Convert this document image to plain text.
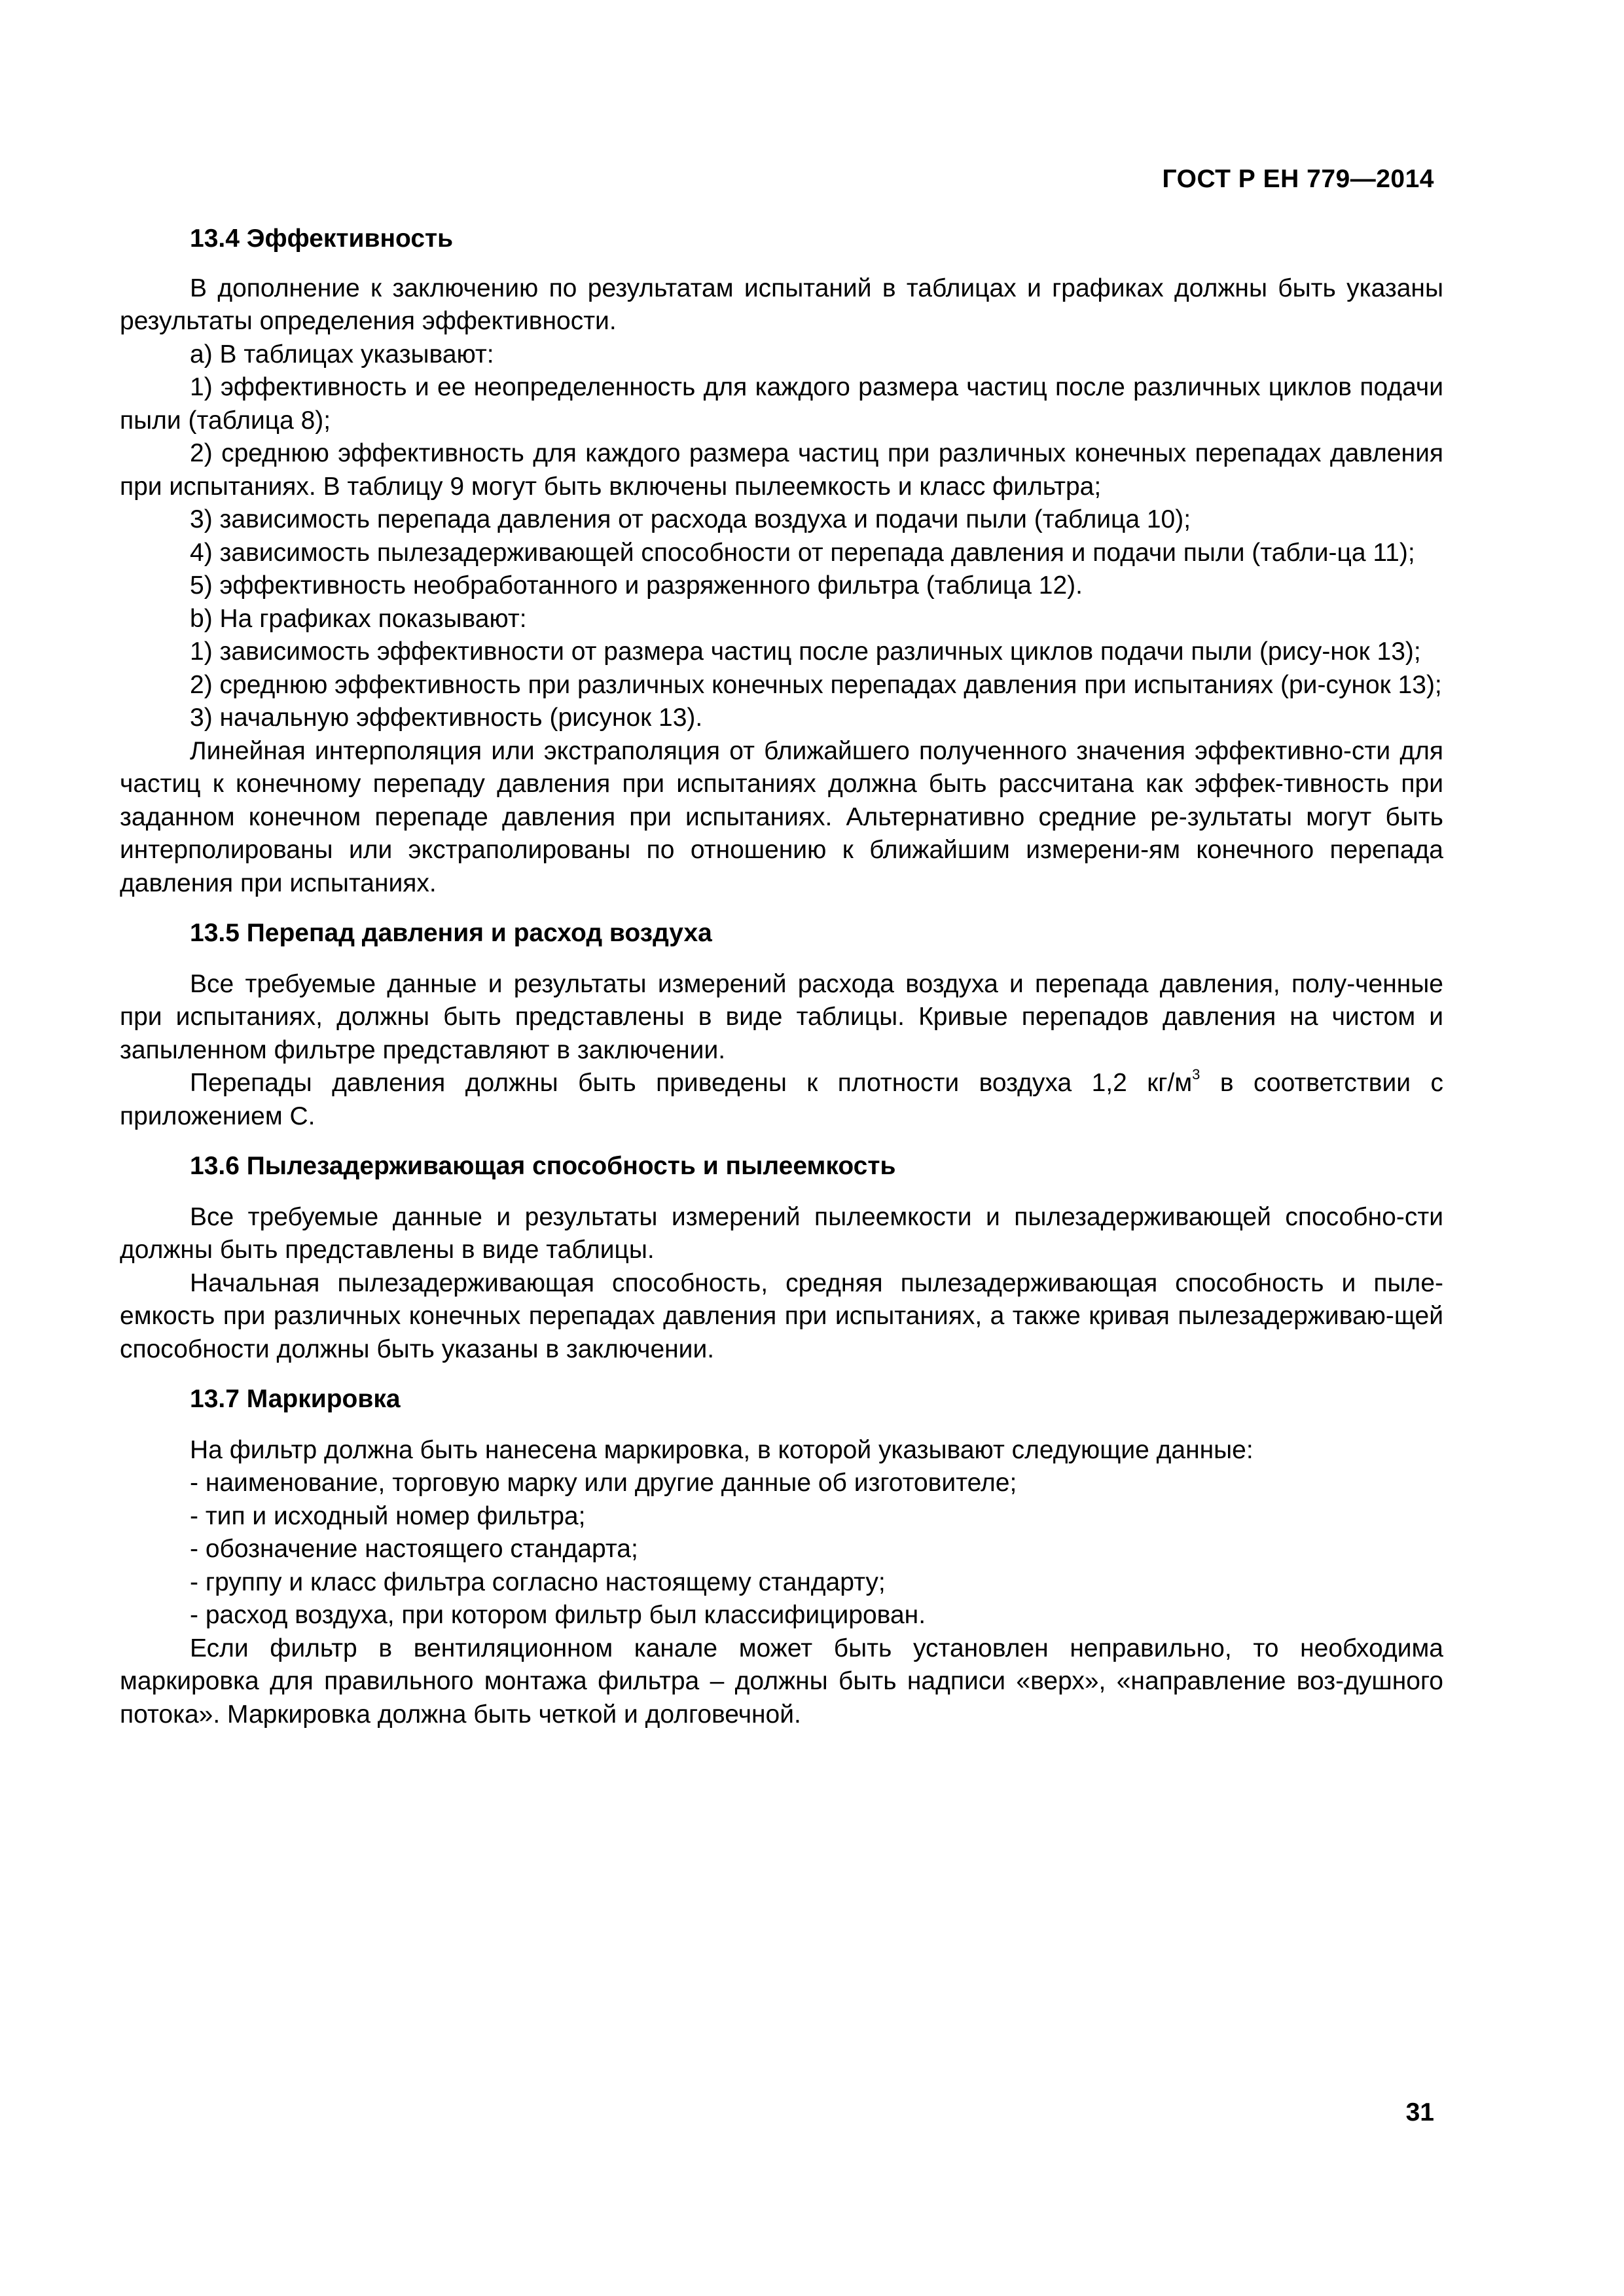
ГОСТ Р ЕН 779—2014
13.4 Эффективность

В дополнение к заключению по результатам испытаний в таблицах и графиках должны быть указаны результаты определения эффективности.

a) В таблицах указывают:

1) эффективность и ее неопределенность для каждого размера частиц после различных циклов подачи пыли (таблица 8);

2) среднюю эффективность для каждого размера частиц при различных конечных перепадах давления при испытаниях. В таблицу 9 могут быть включены пылеемкость и класс фильтра;

3) зависимость перепада давления от расхода воздуха и подачи пыли (таблица 10);

4) зависимость пылезадерживающей способности от перепада давления и подачи пыли (табли-ца 11);

5) эффективность необработанного и разряженного фильтра (таблица 12).

b) На графиках показывают:

1) зависимость эффективности от размера частиц после различных циклов подачи пыли (рису-нок 13);

2) среднюю эффективность при различных конечных перепадах давления при испытаниях (ри-сунок 13);

3) начальную эффективность (рисунок 13).

Линейная интерполяция или экстраполяция от ближайшего полученного значения эффективно-сти для частиц к конечному перепаду давления при испытаниях должна быть рассчитана как эффек-тивность при заданном конечном перепаде давления при испытаниях. Альтернативно средние ре-зультаты могут быть интерполированы или экстраполированы по отношению к ближайшим измерени-ям конечного перепада давления при испытаниях.

13.5 Перепад давления и расход воздуха

Все требуемые данные и результаты измерений расхода воздуха и перепада давления, полу-ченные при испытаниях, должны быть представлены в виде таблицы. Кривые перепадов давления на чистом и запыленном фильтре представляют в заключении.

Перепады давления должны быть приведены к плотности воздуха 1,2 $кг/м^3$ в соответствии с приложением С.

13.6 Пылезадерживающая способность и пылеемкость

Все требуемые данные и результаты измерений пылеемкости и пылезадерживающей способно-сти должны быть представлены в виде таблицы.

Начальная пылезадерживающая способность, средняя пылезадерживающая способность и пыле-емкость при различных конечных перепадах давления при испытаниях, а также кривая пылезадерживаю-щей способности должны быть указаны в заключении.

13.7 Маркировка

На фильтр должна быть нанесена маркировка, в которой указывают следующие данные:

- наименование, торговую марку или другие данные об изготовителе;

- тип и исходный номер фильтра;

- обозначение настоящего стандарта;

- группу и класс фильтра согласно настоящему стандарту;

- расход воздуха, при котором фильтр был классифицирован.

Если фильтр в вентиляционном канале может быть установлен неправильно, то необходима маркировка для правильного монтажа фильтра – должны быть надписи «верх», «направление воз-душного потока». Маркировка должна быть четкой и долговечной.

31
